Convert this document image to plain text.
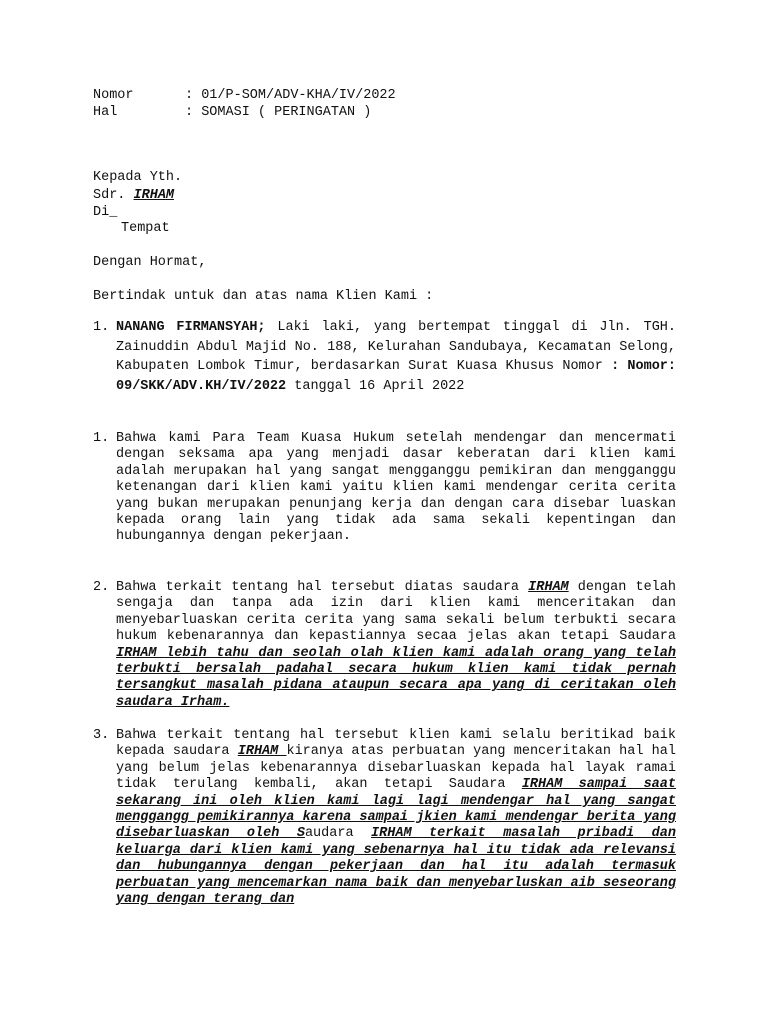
Nomor	: 01/P-SOM/ADV-KHA/IV/2022
Hal	: SOMASI ( PERINGATAN )
Kepada Yth.
Sdr. IRHAM
Di_
Tempat
Dengan Hormat,
Bertindak untuk dan atas nama Klien Kami :
1. NANANG FIRMANSYAH; Laki laki, yang bertempat tinggal di Jln. TGH. Zainuddin Abdul Majid No. 188, Kelurahan Sandubaya, Kecamatan Selong, Kabupaten Lombok Timur, berdasarkan Surat Kuasa Khusus Nomor : Nomor: 09/SKK/ADV.KH/IV/2022 tanggal 16 April 2022
1. Bahwa kami Para Team Kuasa Hukum setelah mendengar dan mencermati dengan seksama apa yang menjadi dasar keberatan dari klien kami adalah merupakan hal yang sangat mengganggu pemikiran dan mengganggu ketenangan dari klien kami yaitu klien kami mendengar cerita cerita yang bukan merupakan penunjang kerja dan dengan cara disebar luaskan kepada orang lain yang tidak ada sama sekali kepentingan dan hubungannya dengan pekerjaan.
2. Bahwa terkait tentang hal tersebut diatas saudara IRHAM dengan telah sengaja dan tanpa ada izin dari klien kami menceritakan dan menyebarluaskan cerita cerita yang sama sekali belum terbukti secara hukum kebenarannya dan kepastiannya secaa jelas akan tetapi Saudara IRHAM lebih tahu dan seolah olah klien kami adalah orang yang telah terbukti bersalah padahal secara hukum klien kami tidak pernah tersangkut masalah pidana ataupun secara apa yang di ceritakan oleh saudara Irham.
3. Bahwa terkait tentang hal tersebut klien kami selalu beritikad baik kepada saudara IRHAM kiranya atas perbuatan yang menceritakan hal hal yang belum jelas kebenarannya disebarluaskan kepada hal layak ramai tidak terulang kembali, akan tetapi Saudara IRHAM sampai saat sekarang ini oleh klien kami lagi lagi mendengar hal yang sangat menggangg pemikirannya karena sampai jkien kami mendengar berita yang disebarluaskan oleh Saudara IRHAM terkait masalah pribadi dan keluarga dari klien kami yang sebenarnya hal itu tidak ada relevansi dan hubungannya dengan pekerjaan dan hal itu adalah termasuk perbuatan yang mencemarkan nama baik dan menyebarluskan aib seseorang yang dengan terang dan
